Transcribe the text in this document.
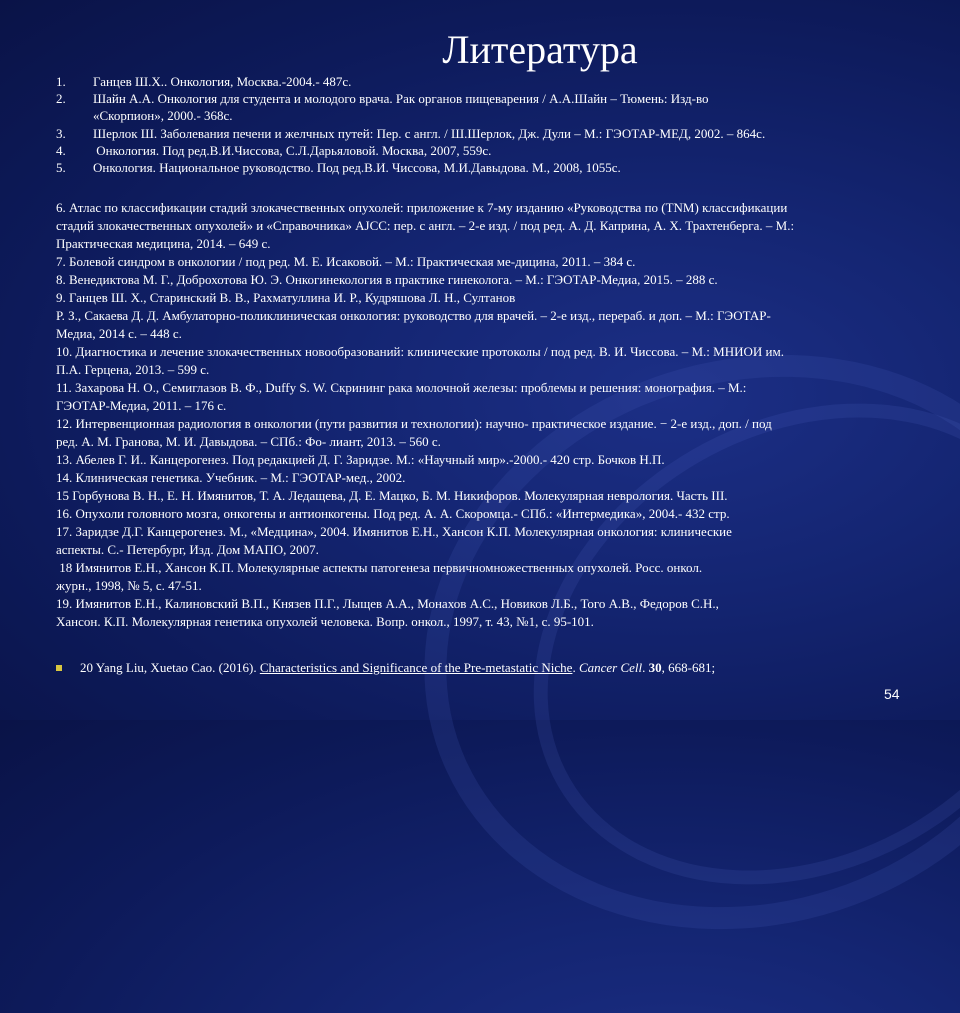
Литература
1.	Ганцев Ш.Х.. Онкология, Москва.-2004.- 487с.
2.	Шайн А.А. Онкология для студента и молодого врача. Рак органов пищеварения / А.А.Шайн – Тюмень: Изд-во
«Скорпион», 2000.- 368с.
3.	Шерлок Ш. Заболевания печени и желчных путей: Пер. с англ. / Ш.Шерлок, Дж. Дули – М.: ГЭОТАР-МЕД, 2002. – 864с.
4.	Онкология. Под ред.В.И.Чиссова, С.Л.Дарьяловой. Москва, 2007, 559с.
5.	Онкология. Национальное руководство. Под ред.В.И. Чиссова, М.И.Давыдова. М., 2008, 1055с.
6. Атлас по классификации стадий злокачественных опухолей: приложение к 7-му изданию «Руководства по (TNM) классификации
стадий злокачественных опухолей» и «Справочника» AJCC: пер. с англ. – 2-е изд. / под ред. А. Д. Каприна, А. Х. Трахтенберга. – М.:
Практическая медицина, 2014. – 649 с.
7. Болевой синдром в онкологии / под ред. М. Е. Исаковой. – М.: Практическая ме-дицина, 2011. – 384 с.
8. Венедиктова М. Г., Доброхотова Ю. Э. Онкогинекология в практике гинеколога. – М.: ГЭОТАР-Медиа, 2015. – 288 с.
9. Ганцев Ш. Х., Старинский В. В., Рахматуллина И. Р., Кудряшова Л. Н., Султанов
Р. З., Сакаева Д. Д. Амбулаторно-поликлиническая онкология: руководство для врачей. – 2-е изд., перераб. и доп. – М.: ГЭОТАР-
Медиа, 2014 с. – 448 с.
10. Диагностика и лечение злокачественных новообразований: клинические протоколы / под ред. В. И. Чиссова. – М.: МНИОИ им.
П.А. Герцена, 2013. – 599 с.
11. Захарова Н. О., Семиглазов В. Ф., Duffy S. W. Скрининг рака молочной железы: проблемы и решения: монография. – М.:
ГЭОТАР-Медиа, 2011. – 176 с.
12. Интервенционная радиология в онкологии (пути развития и технологии): научно- практическое издание. − 2-е изд., доп. / под
ред. А. М. Гранова, М. И. Давыдова. – СПб.: Фо- лиант, 2013. – 560 с.
13. Абелев Г. И.. Канцерогенез. Под редакцией Д. Г. Заридзе. М.: «Научный мир».-2000.- 420 стр. Бочков Н.П.
14. Клиническая генетика. Учебник. – М.: ГЭОТАР-мед., 2002.
15 Горбунова В. Н., Е. Н. Имянитов, Т. А. Ледащева, Д. Е. Мацко, Б. М. Никифоров. Молекулярная неврология. Часть III.
16. Опухоли головного мозга, онкогены и антионкогены. Под ред. А. А. Скоромца.- СПб.: «Интермедика», 2004.- 432 стр.
17. Заридзе Д.Г. Канцерогенез. М., «Медцина», 2004. Имянитов Е.Н., Хансон К.П. Молекулярная онкология: клинические
аспекты. С.- Петербург, Изд. Дом МАПО, 2007.
18 Имянитов Е.Н., Хансон К.П. Молекулярные аспекты патогенеза первичномножественных опухолей. Росс. онкол.
журн., 1998, № 5, с. 47-51.
19. Имянитов Е.Н., Калиновский В.П., Князев П.Г., Лыщев А.А., Монахов А.С., Новиков Л.Б., Того А.В., Федоров С.Н.,
Хансон. К.П. Молекулярная генетика опухолей человека. Вопр. онкол., 1997, т. 43, №1, с. 95-101.
20 Yang Liu, Xuetao Cao. (2016). Characteristics and Significance of the Pre-metastatic Niche. Cancer Cell. 30, 668-681;
54
